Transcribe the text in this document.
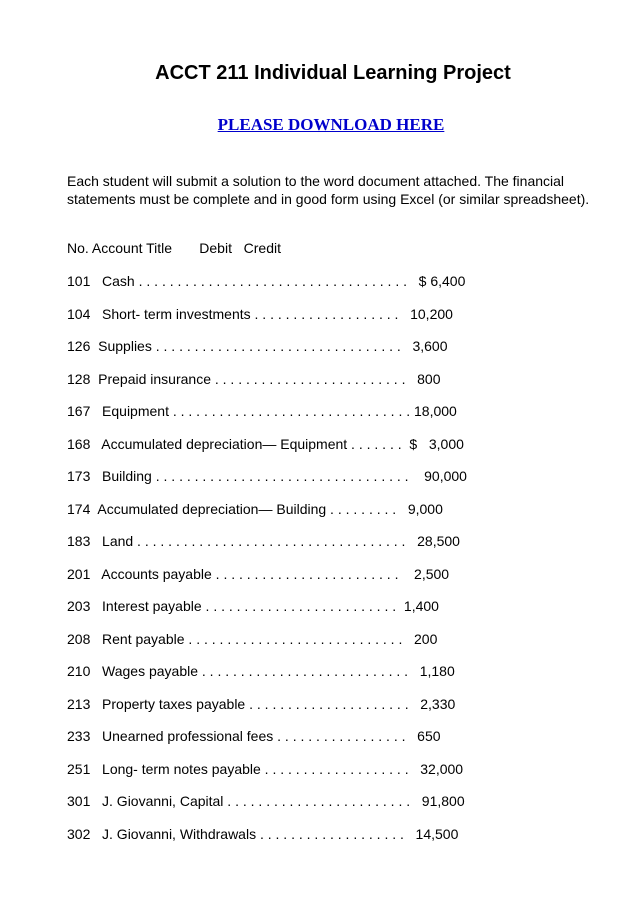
ACCT 211 Individual Learning Project
PLEASE DOWNLOAD HERE

Each student will submit a solution to the word document attached. The financial statements must be complete and in good form using Excel (or similar spreadsheet).

No. Account Title       Debit   Credit
101   Cash . . . . . . . . . . . . . . . . . . . . . . . . . . . . . . . . . . .   $ 6,400
104   Short- term investments . . . . . . . . . . . . . . . . . . .   10,200
126  Supplies . . . . . . . . . . . . . . . . . . . . . . . . . . . . . . . .   3,600
128  Prepaid insurance . . . . . . . . . . . . . . . . . . . . . . . . .   800
167   Equipment . . . . . . . . . . . . . . . . . . . . . . . . . . . . . . . 18,000
168   Accumulated depreciation— Equipment . . . . . . .  $   3,000
173   Building . . . . . . . . . . . . . . . . . . . . . . . . . . . . . . . . .    90,000
174  Accumulated depreciation— Building . . . . . . . . .   9,000
183   Land . . . . . . . . . . . . . . . . . . . . . . . . . . . . . . . . . . .   28,500
201   Accounts payable . . . . . . . . . . . . . . . . . . . . . . . .    2,500
203   Interest payable . . . . . . . . . . . . . . . . . . . . . . . . .  1,400
208   Rent payable . . . . . . . . . . . . . . . . . . . . . . . . . . . .   200
210   Wages payable . . . . . . . . . . . . . . . . . . . . . . . . . . .   1,180
213   Property taxes payable . . . . . . . . . . . . . . . . . . . . .   2,330
233   Unearned professional fees . . . . . . . . . . . . . . . . .   650
251   Long- term notes payable . . . . . . . . . . . . . . . . . . .   32,000
301   J. Giovanni, Capital . . . . . . . . . . . . . . . . . . . . . . . .   91,800
302   J. Giovanni, Withdrawals . . . . . . . . . . . . . . . . . . .   14,500
